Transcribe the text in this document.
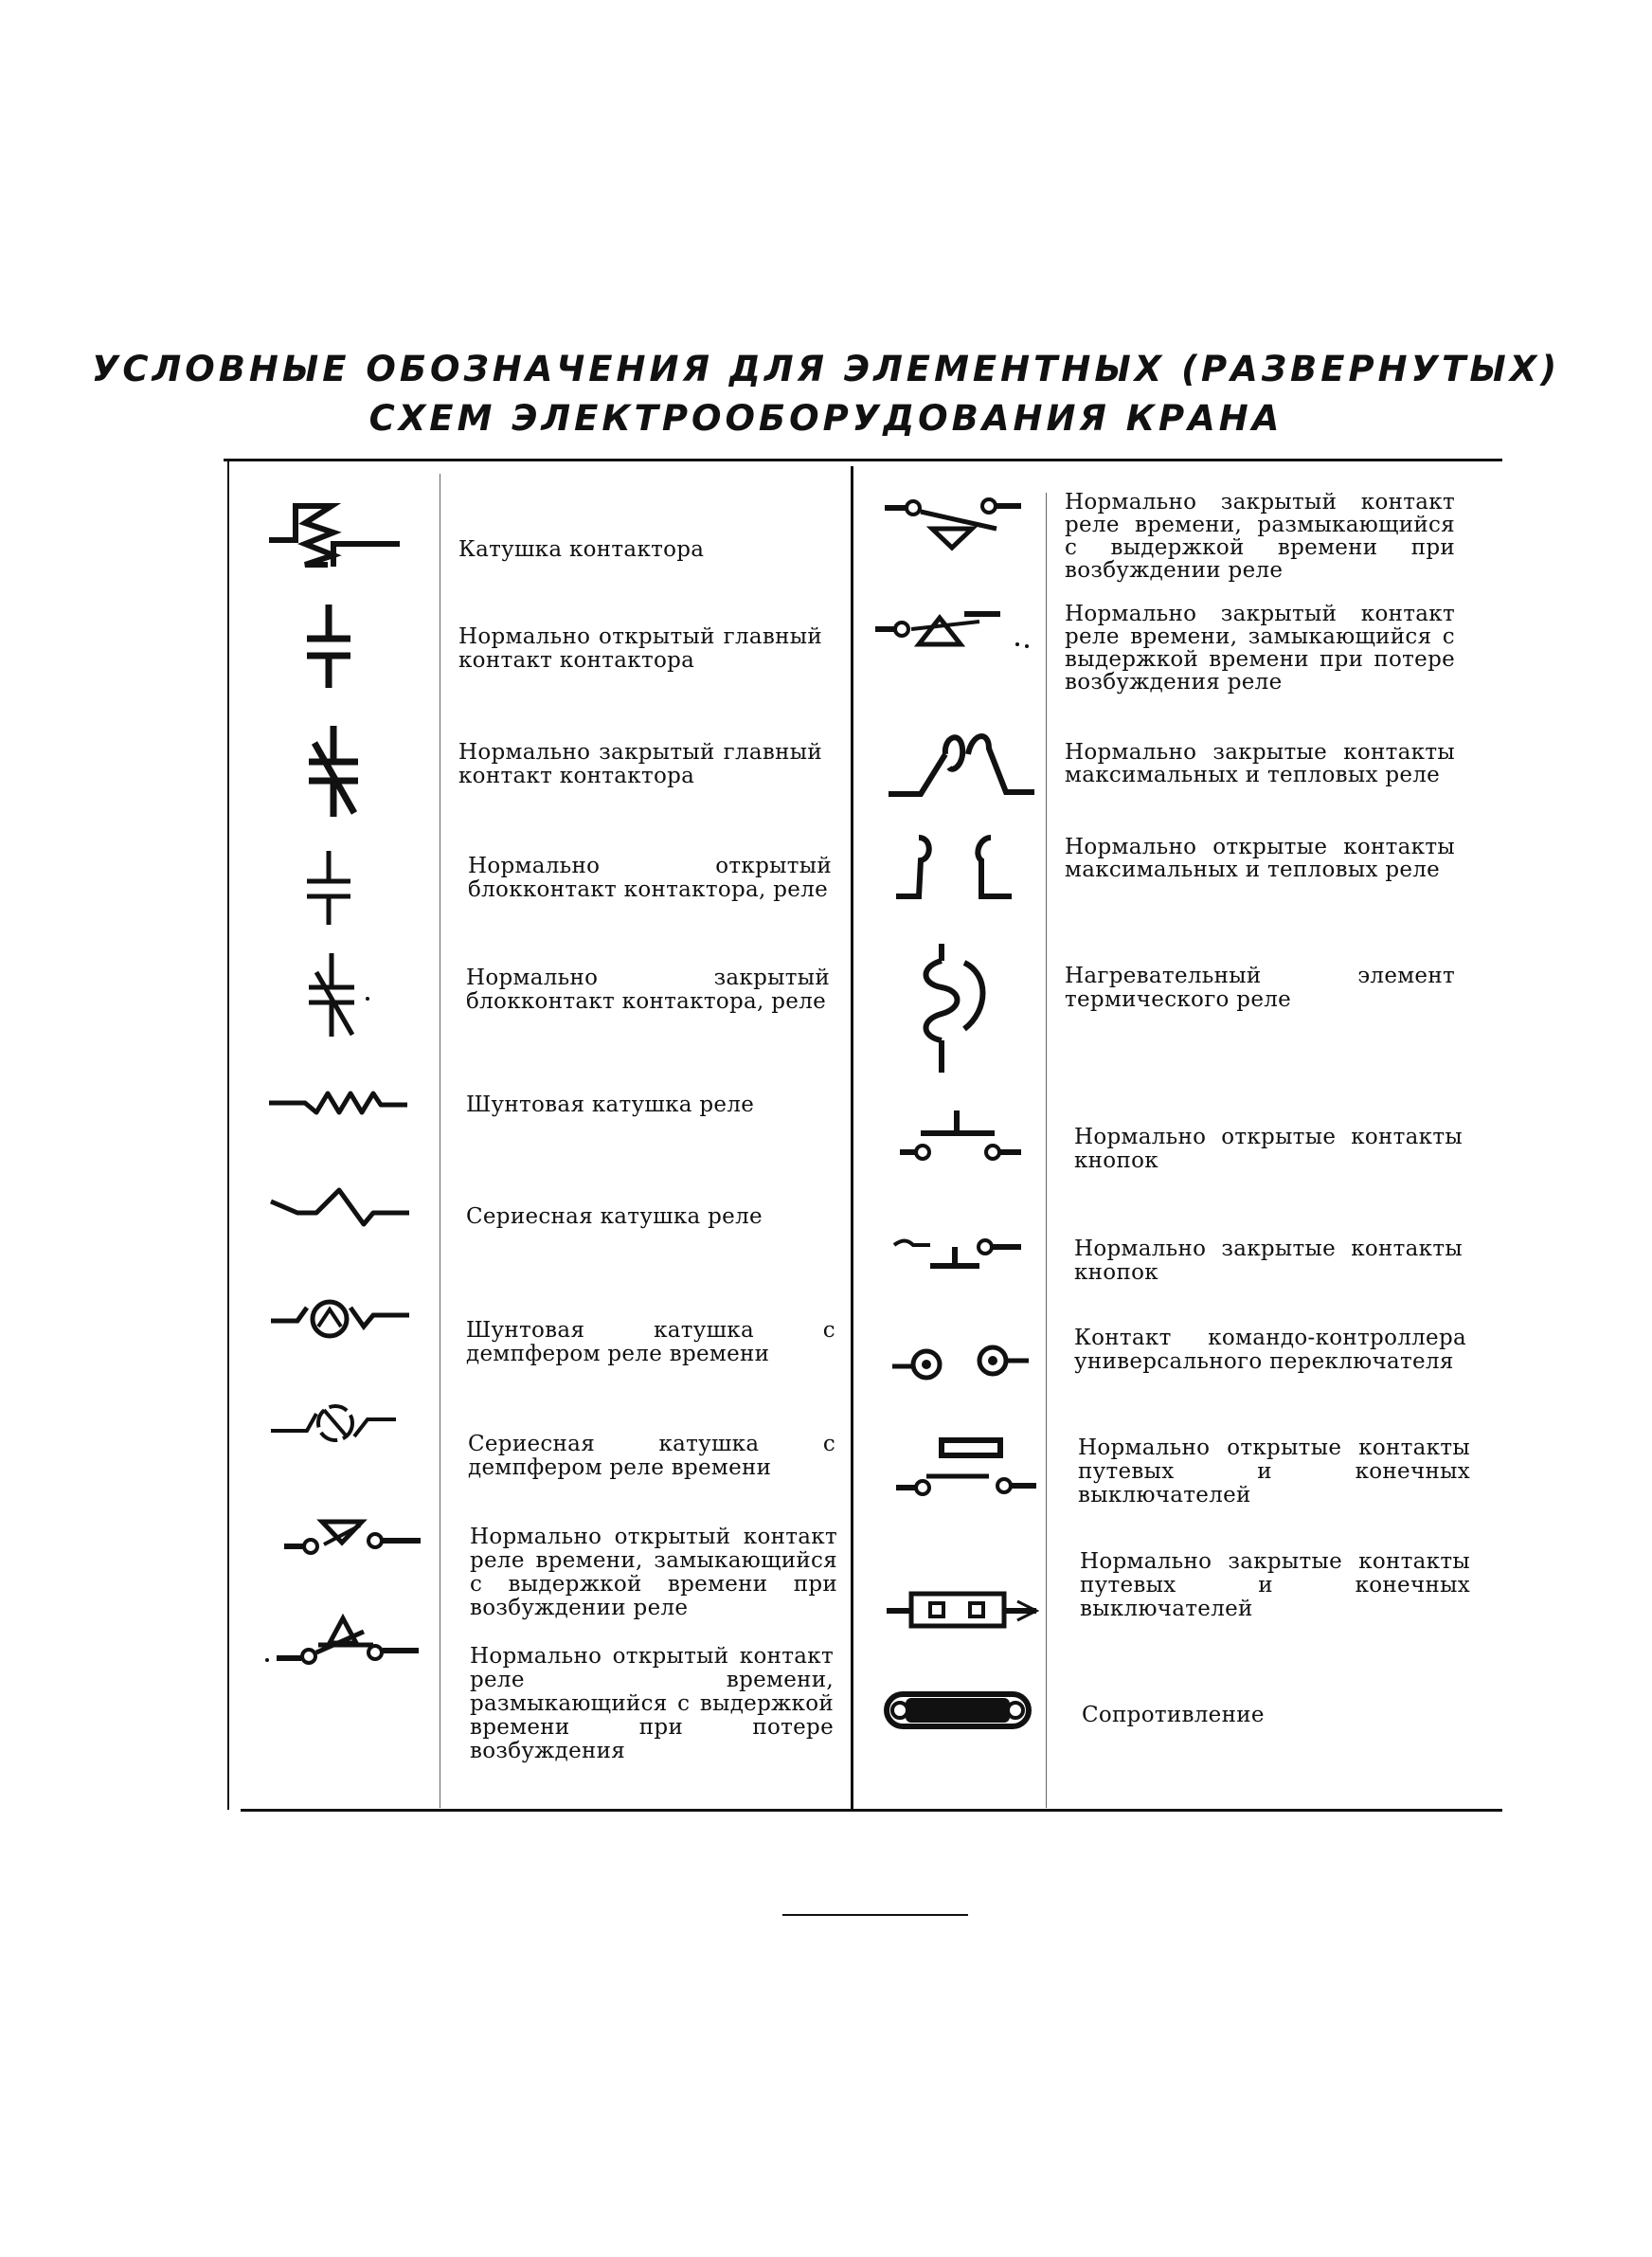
УСЛОВНЫЕ ОБОЗНАЧЕНИЯ ДЛЯ ЭЛЕМЕНТНЫХ (РАЗВЕРНУТЫХ)
СХЕМ ЭЛЕКТРООБОРУДОВАНИЯ КРАНА
Катушка контактора
Нормально открытый главный контакт контактора
Нормально закрытый главный контакт контактора
Нормально открытый блокконтакт контактора, реле
Нормально закрытый блокконтакт контактора, реле
Шунтовая катушка реле
Сериесная катушка реле
Шунтовая катушка с демпфером реле времени
Сериесная катушка с демпфером реле времени
Нормально открытый контакт реле времени, замыкающийся с выдержкой времени при возбуждении реле
Нормально открытый контакт реле времени, размыкающийся с выдержкой времени при потере возбуждения
Нормально закрытый контакт реле времени, размыкающийся с выдержкой времени при возбуждении реле
Нормально закрытый контакт реле времени, замыкающийся с выдержкой времени при потере возбуждения реле
Нормально закрытые контакты максимальных и тепловых реле
Нормально открытые контакты максимальных и тепловых реле
Нагревательный элемент термического реле
Нормально открытые контакты кнопок
Нормально закрытые контакты кнопок
Контакт командо-контроллера универсального переключателя
Нормально открытые контакты путевых и конечных выключателей
Нормально закрытые контакты путевых и конечных выключателей
Сопротивление
